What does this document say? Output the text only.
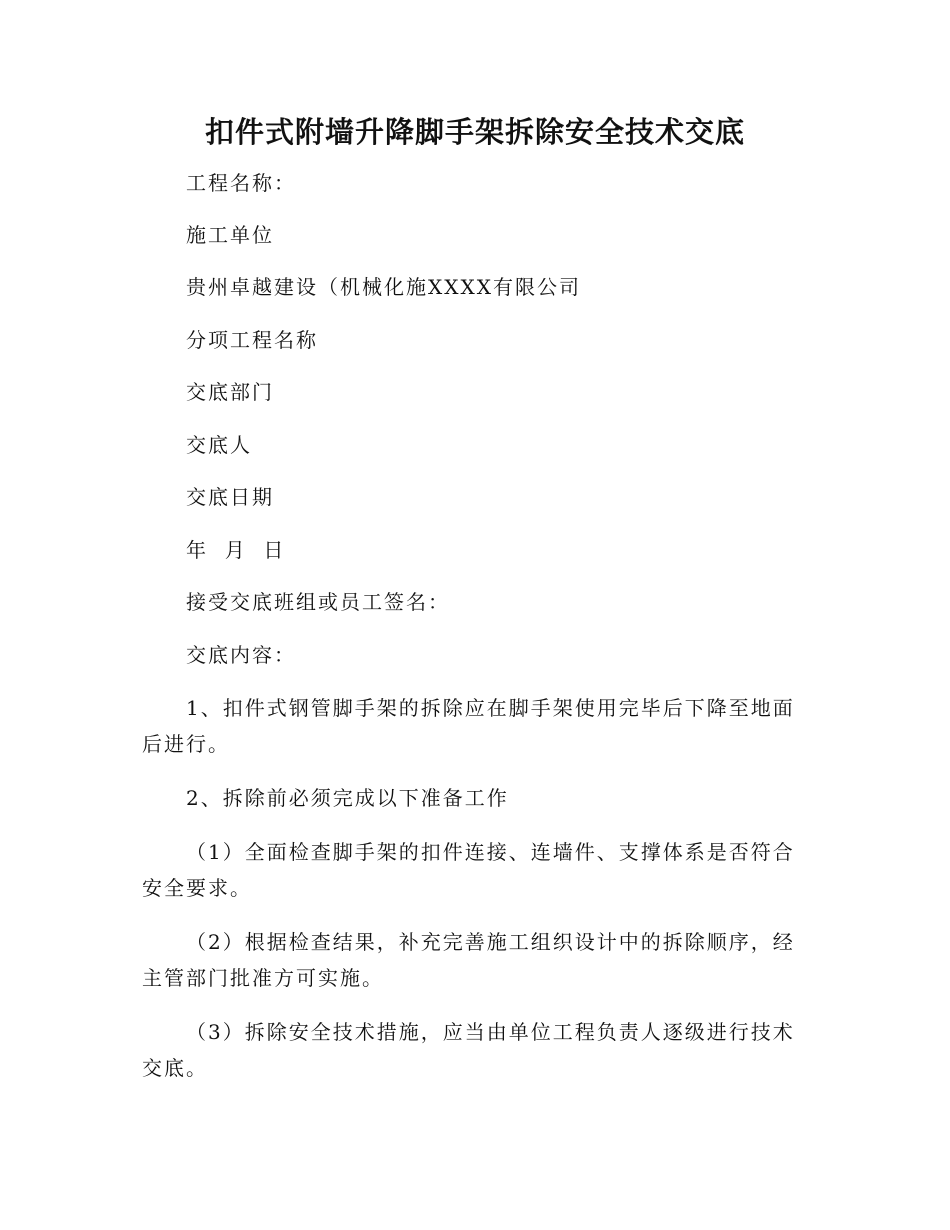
扣件式附墙升降脚手架拆除安全技术交底

工程名称：

施工单位

贵州卓越建设（机械化施XXXX有限公司

分项工程名称

交底部门

交底人

交底日期

年  月  日

接受交底班组或员工签名：

交底内容：

1、扣件式钢管脚手架的拆除应在脚手架使用完毕后下降至地面后进行。

2、拆除前必须完成以下准备工作

（1）全面检查脚手架的扣件连接、连墙件、支撑体系是否符合安全要求。

（2）根据检查结果，补充完善施工组织设计中的拆除顺序，经主管部门批准方可实施。

（3）拆除安全技术措施，应当由单位工程负责人逐级进行技术交底。
